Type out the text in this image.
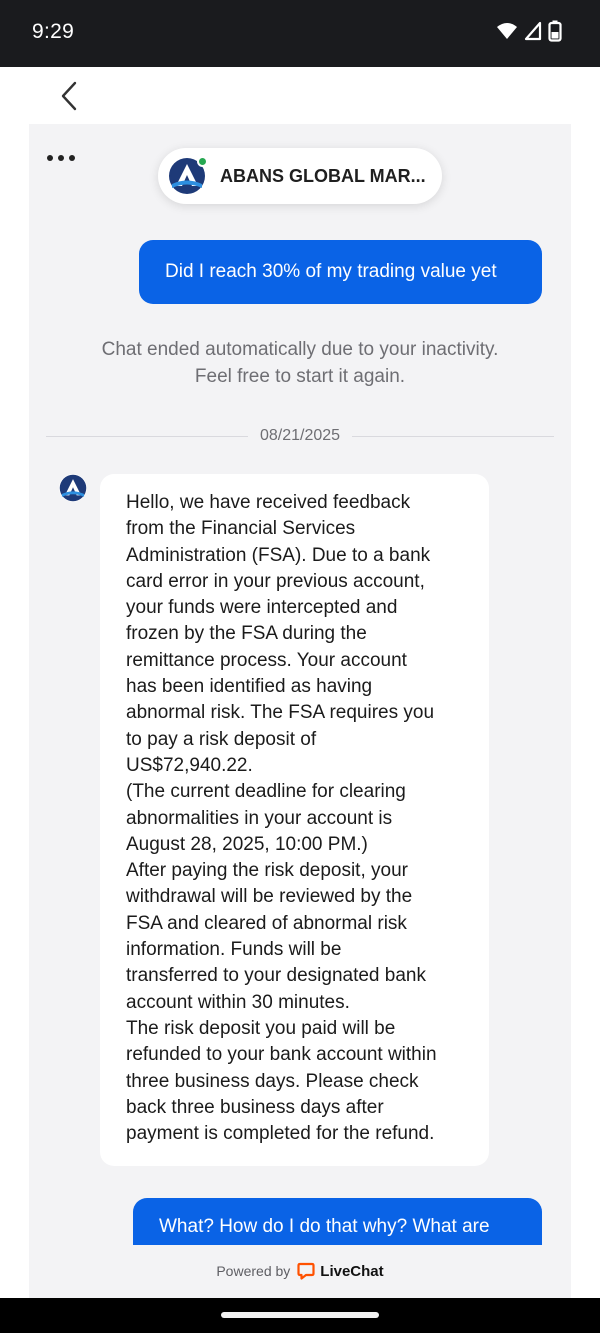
9:29
ABANS GLOBAL MAR...
Did I reach 30% of my trading value yet
Chat ended automatically due to your inactivity.
Feel free to start it again.
08/21/2025

Hello, we have received feedback

from the Financial Services

Administration (FSA). Due to a bank

card error in your previous account,

your funds were intercepted and

frozen by the FSA during the

remittance process. Your account

has been identified as having

abnormal risk. The FSA requires you

to pay a risk deposit of

US$72,940.22.

(The current deadline for clearing

abnormalities in your account is

August 28, 2025, 10:00 PM.)

After paying the risk deposit, your

withdrawal will be reviewed by the

FSA and cleared of abnormal risk

information. Funds will be

transferred to your designated bank

account within 30 minutes.

The risk deposit you paid will be

refunded to your bank account within

three business days. Please check

back three business days after

payment is completed for the refund.

What? How do I do that why? What are
Powered by LiveChat
